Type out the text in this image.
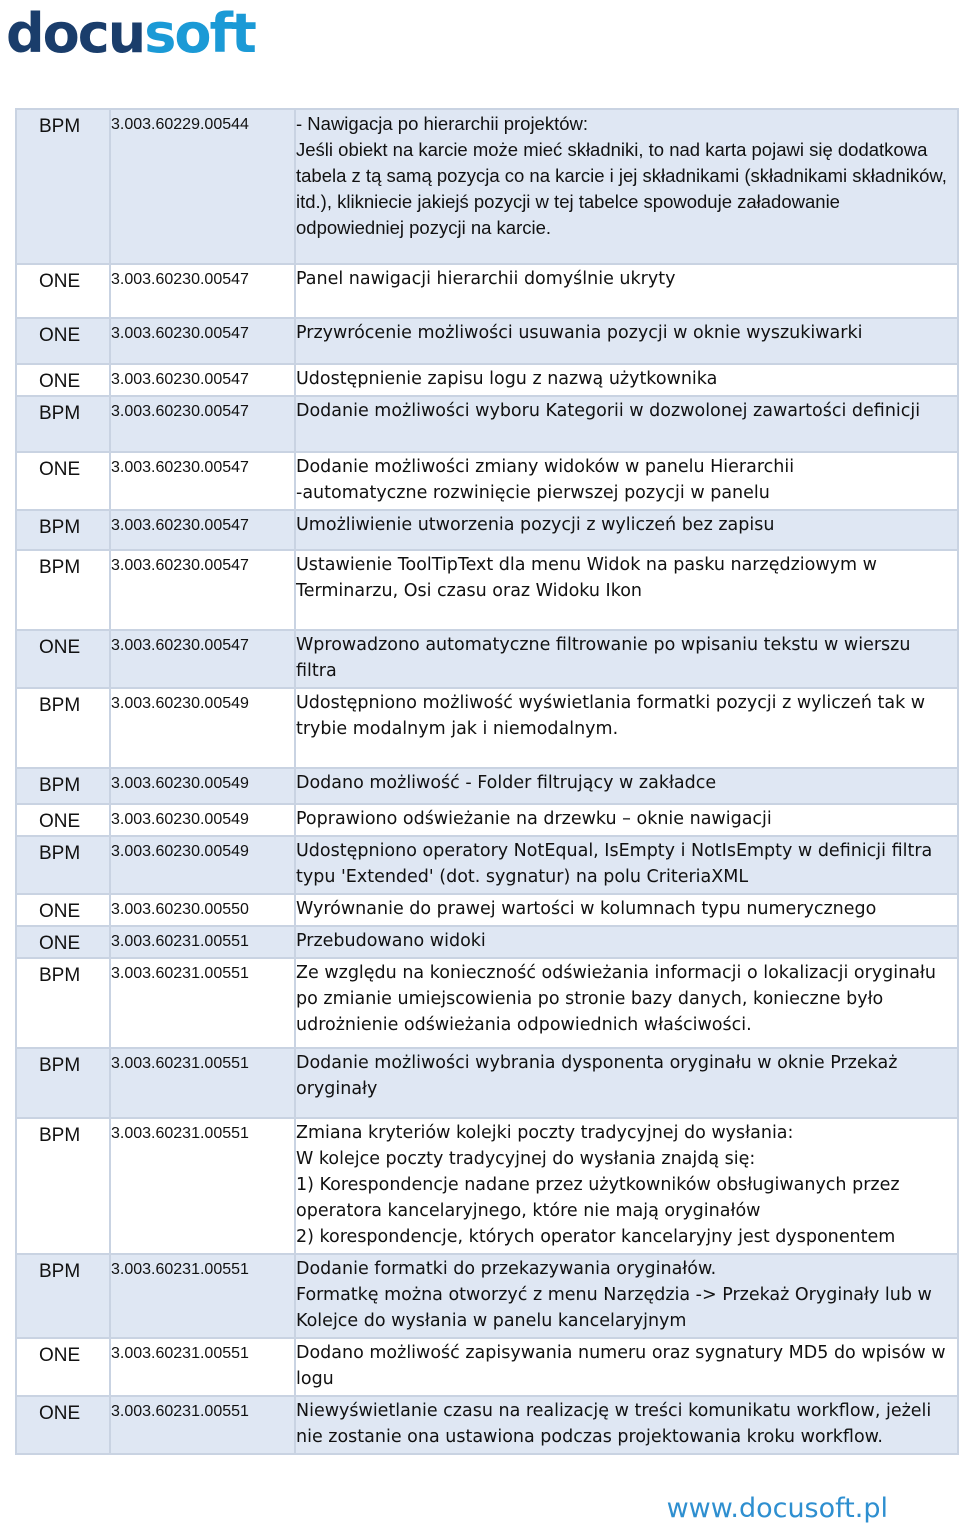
docusoft
BPM	3.003.60229.00544	- Nawigacja po hierarchii projektów:
Jeśli obiekt na karcie może mieć składniki, to nad karta pojawi się dodatkowa tabela z tą samą pozycja co na karcie i jej składnikami (składnikami składników, itd.), klikniecie jakiejś pozycji w tej tabelce spowoduje załadowanie odpowiedniej pozycji na karcie.
ONE	3.003.60230.00547	Panel nawigacji hierarchii domyślnie ukryty
ONE	3.003.60230.00547	Przywrócenie możliwości usuwania pozycji w oknie wyszukiwarki
ONE	3.003.60230.00547	Udostępnienie zapisu logu z nazwą użytkownika
BPM	3.003.60230.00547	Dodanie możliwości wyboru Kategorii w dozwolonej zawartości definicji
ONE	3.003.60230.00547	Dodanie możliwości zmiany widoków w panelu Hierarchii
-automatyczne rozwinięcie pierwszej pozycji w panelu
BPM	3.003.60230.00547	Umożliwienie utworzenia pozycji z wyliczeń bez zapisu
BPM	3.003.60230.00547	Ustawienie ToolTipText dla menu Widok na pasku narzędziowym w Terminarzu, Osi czasu oraz Widoku Ikon
ONE	3.003.60230.00547	Wprowadzono automatyczne filtrowanie po wpisaniu tekstu w wierszu filtra
BPM	3.003.60230.00549	Udostępniono możliwość wyświetlania formatki pozycji z wyliczeń tak w trybie modalnym jak i niemodalnym.
BPM	3.003.60230.00549	Dodano możliwość - Folder filtrujący w zakładce
ONE	3.003.60230.00549	Poprawiono odświeżanie na drzewku – oknie nawigacji
BPM	3.003.60230.00549	Udostępniono operatory NotEqual, IsEmpty i NotIsEmpty w definicji filtra typu 'Extended' (dot. sygnatur) na polu CriteriaXML
ONE	3.003.60230.00550	Wyrównanie do prawej wartości w kolumnach typu numerycznego
ONE	3.003.60231.00551	Przebudowano widoki
BPM	3.003.60231.00551	Ze względu na konieczność odświeżania informacji o lokalizacji oryginału po zmianie umiejscowienia po stronie bazy danych, konieczne było udrożnienie odświeżania odpowiednich właściwości.
BPM	3.003.60231.00551	Dodanie możliwości wybrania dysponenta oryginału w oknie Przekaż oryginały
BPM	3.003.60231.00551	Zmiana kryteriów kolejki poczty tradycyjnej do wysłania:
W kolejce poczty tradycyjnej do wysłania znajdą się:
1) Korespondencje nadane przez użytkowników obsługiwanych przez operatora kancelaryjnego, które nie mają oryginałów
2) korespondencje, których operator kancelaryjny jest dysponentem
BPM	3.003.60231.00551	Dodanie formatki do przekazywania oryginałów.
Formatkę można otworzyć z menu Narzędzia -> Przekaż Oryginały lub w Kolejce do wysłania w panelu kancelaryjnym
ONE	3.003.60231.00551	Dodano możliwość zapisywania numeru oraz sygnatury MD5 do wpisów w logu
ONE	3.003.60231.00551	Niewyświetlanie czasu na realizację w treści komunikatu workflow, jeżeli nie zostanie ona ustawiona podczas projektowania kroku workflow.
www.docusoft.pl
